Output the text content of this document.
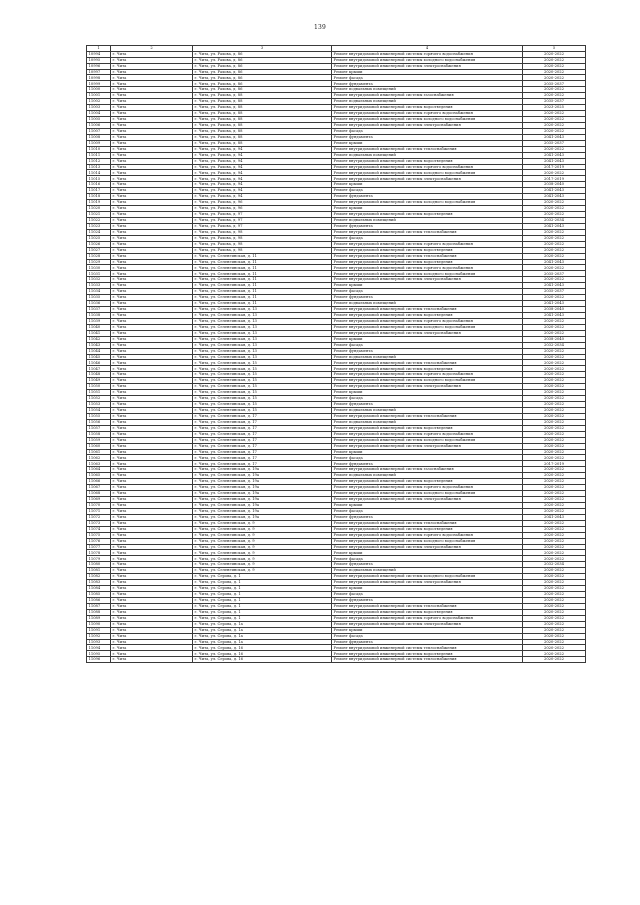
139
1	2	3	4	5
10994	г. Чита	г. Чита, ул. Рахова, д. 86	Ремонт внутридомовой инженерной системы горячего водоснабжения	2020-2022
10995	г. Чита	г. Чита, ул. Рахова, д. 86	Ремонт внутридомовой инженерной системы холодного водоснабжения	2020-2022
10996	г. Чита	г. Чита, ул. Рахова, д. 86	Ремонт внутридомовой инженерной системы электроснабжения	2020-2022
10997	г. Чита	г. Чита, ул. Рахова, д. 86	Ремонт крыши	2020-2022
10998	г. Чита	г. Чита, ул. Рахова, д. 86	Ремонт фасада	2020-2022
10999	г. Чита	г. Чита, ул. Рахова, д. 86	Ремонт фундамента	2035-2037
11000	г. Чита	г. Чита, ул. Рахова, д. 86	Ремонт подвальных помещений	2020-2022
11001	г. Чита	г. Чита, ул. Рахова, д. 88	Ремонт внутридомовой инженерной системы газоснабжения	2020-2022
11002	г. Чита	г. Чита, ул. Рахова, д. 88	Ремонт подвальных помещений	2035-2037
11003	г. Чита	г. Чита, ул. Рахова, д. 88	Ремонт внутридомовой инженерной системы водоотведения	2023-2025
11004	г. Чита	г. Чита, ул. Рахова, д. 88	Ремонт внутридомовой инженерной системы горячего водоснабжения	2020-2022
11005	г. Чита	г. Чита, ул. Рахова, д. 88	Ремонт внутридомовой инженерной системы холодного водоснабжения	2020-2022
11006	г. Чита	г. Чита, ул. Рахова, д. 88	Ремонт внутридомовой инженерной системы электроснабжения	2020-2022
11007	г. Чита	г. Чита, ул. Рахова, д. 88	Ремонт фасада	2020-2022
11008	г. Чита	г. Чита, ул. Рахова, д. 88	Ремонт фундамента	2041-2043
11009	г. Чита	г. Чита, ул. Рахова, д. 88	Ремонт крыши	2035-2037
11010	г. Чита	г. Чита, ул. Рахова, д. 94	Ремонт внутридомовой инженерной системы теплоснабжения	2020-2022
11011	г. Чита	г. Чита, ул. Рахова, д. 94	Ремонт подвальных помещений	2041-2043
11012	г. Чита	г. Чита, ул. Рахова, д. 94	Ремонт внутридомовой инженерной системы водоотведения	2041-2043
11013	г. Чита	г. Чита, ул. Рахова, д. 94	Ремонт внутридомовой инженерной системы горячего водоснабжения	2017-2019
11014	г. Чита	г. Чита, ул. Рахова, д. 94	Ремонт внутридомовой инженерной системы холодного водоснабжения	2020-2022
11015	г. Чита	г. Чита, ул. Рахова, д. 94	Ремонт внутридомовой инженерной системы электроснабжения	2017-2019
11016	г. Чита	г. Чита, ул. Рахова, д. 94	Ремонт крыши	2038-2040
11017	г. Чита	г. Чита, ул. Рахова, д. 94	Ремонт фасада	2041-2043
11018	г. Чита	г. Чита, ул. Рахова, д. 94	Ремонт фундамента	2041-2043
11019	г. Чита	г. Чита, ул. Рахова, д. 96	Ремонт внутридомовой инженерной системы холодного водоснабжения	2020-2022
11020	г. Чита	г. Чита, ул. Рахова, д. 96	Ремонт крыши	2020-2022
11021	г. Чита	г. Чита, ул. Рахова, д. 97	Ремонт внутридомовой инженерной системы водоотведения	2020-2022
11022	г. Чита	г. Чита, ул. Рахова, д. 97	Ремонт подвальных помещений	2032-2034
11023	г. Чита	г. Чита, ул. Рахова, д. 97	Ремонт фундамента	2041-2043
11024	г. Чита	г. Чита, ул. Рахова, д. 98	Ремонт внутридомовой инженерной системы теплоснабжения	2020-2022
11025	г. Чита	г. Чита, ул. Рахова, д. 98	Ремонт фасада	2020-2022
11026	г. Чита	г. Чита, ул. Рахова, д. 98	Ремонт внутридомовой инженерной системы горячего водоснабжения	2020-2022
11027	г. Чита	г. Чита, ул. Рахова, д. 98	Ремонт внутридомовой инженерной системы водоотведения	2020-2022
11028	г. Чита	г. Чита, ул. Селенгинская, д. 11	Ремонт внутридомовой инженерной системы теплоснабжения	2020-2022
11029	г. Чита	г. Чита, ул. Селенгинская, д. 11	Ремонт внутридомовой инженерной системы водоотведения	2041-2043
11030	г. Чита	г. Чита, ул. Селенгинская, д. 11	Ремонт внутридомовой инженерной системы горячего водоснабжения	2020-2022
11031	г. Чита	г. Чита, ул. Селенгинская, д. 11	Ремонт внутридомовой инженерной системы холодного водоснабжения	2035-2037
11032	г. Чита	г. Чита, ул. Селенгинская, д. 11	Ремонт внутридомовой инженерной системы электроснабжения	2020-2022
11033	г. Чита	г. Чита, ул. Селенгинская, д. 11	Ремонт крыши	2041-2043
11034	г. Чита	г. Чита, ул. Селенгинская, д. 11	Ремонт фасада	2035-2037
11035	г. Чита	г. Чита, ул. Селенгинская, д. 11	Ремонт фундамента	2020-2022
11036	г. Чита	г. Чита, ул. Селенгинская, д. 11	Ремонт подвальных помещений	2041-2043
11037	г. Чита	г. Чита, ул. Селенгинская, д. 13	Ремонт внутридомовой инженерной системы теплоснабжения	2038-2040
11038	г. Чита	г. Чита, ул. Селенгинская, д. 13	Ремонт внутридомовой инженерной системы водоотведения	2041-2043
11039	г. Чита	г. Чита, ул. Селенгинская, д. 13	Ремонт внутридомовой инженерной системы горячего водоснабжения	2020-2022
11040	г. Чита	г. Чита, ул. Селенгинская, д. 13	Ремонт внутридомовой инженерной системы холодного водоснабжения	2020-2022
11041	г. Чита	г. Чита, ул. Селенгинская, д. 13	Ремонт внутридомовой инженерной системы электроснабжения	2020-2022
11042	г. Чита	г. Чита, ул. Селенгинская, д. 13	Ремонт крыши	2038-2040
11043	г. Чита	г. Чита, ул. Селенгинская, д. 13	Ремонт фасада	2032-2034
11044	г. Чита	г. Чита, ул. Селенгинская, д. 13	Ремонт фундамента	2020-2022
11045	г. Чита	г. Чита, ул. Селенгинская, д. 13	Ремонт подвальных помещений	2020-2022
11046	г. Чита	г. Чита, ул. Селенгинская, д. 15	Ремонт внутридомовой инженерной системы теплоснабжения	2020-2022
11047	г. Чита	г. Чита, ул. Селенгинская, д. 15	Ремонт внутридомовой инженерной системы водоотведения	2020-2022
11048	г. Чита	г. Чита, ул. Селенгинская, д. 15	Ремонт внутридомовой инженерной системы горячего водоснабжения	2020-2022
11049	г. Чита	г. Чита, ул. Селенгинская, д. 15	Ремонт внутридомовой инженерной системы холодного водоснабжения	2020-2022
11050	г. Чита	г. Чита, ул. Селенгинская, д. 15	Ремонт внутридомовой инженерной системы электроснабжения	2020-2022
11051	г. Чита	г. Чита, ул. Селенгинская, д. 15	Ремонт крыши	2020-2022
11052	г. Чита	г. Чита, ул. Селенгинская, д. 15	Ремонт фасада	2020-2022
11053	г. Чита	г. Чита, ул. Селенгинская, д. 15	Ремонт фундамента	2020-2022
11054	г. Чита	г. Чита, ул. Селенгинская, д. 15	Ремонт подвальных помещений	2020-2022
11055	г. Чита	г. Чита, ул. Селенгинская, д. 17	Ремонт внутридомовой инженерной системы теплоснабжения	2020-2022
11056	г. Чита	г. Чита, ул. Селенгинская, д. 17	Ремонт подвальных помещений	2020-2022
11057	г. Чита	г. Чита, ул. Селенгинская, д. 17	Ремонт внутридомовой инженерной системы водоотведения	2020-2022
11058	г. Чита	г. Чита, ул. Селенгинская, д. 17	Ремонт внутридомовой инженерной системы горячего водоснабжения	2020-2022
11059	г. Чита	г. Чита, ул. Селенгинская, д. 17	Ремонт внутридомовой инженерной системы холодного водоснабжения	2020-2022
11060	г. Чита	г. Чита, ул. Селенгинская, д. 17	Ремонт внутридомовой инженерной системы электроснабжения	2020-2022
11061	г. Чита	г. Чита, ул. Селенгинская, д. 17	Ремонт крыши	2020-2022
11062	г. Чита	г. Чита, ул. Селенгинская, д. 17	Ремонт фасада	2020-2022
11063	г. Чита	г. Чита, ул. Селенгинская, д. 17	Ремонт фундамента	2017-2019
11064	г. Чита	г. Чита, ул. Селенгинская, д. 19а	Ремонт внутридомовой инженерной системы газоснабжения	2020-2022
11065	г. Чита	г. Чита, ул. Селенгинская, д. 19а	Ремонт подвальных помещений	2020-2022
11066	г. Чита	г. Чита, ул. Селенгинская, д. 19а	Ремонт внутридомовой инженерной системы водоотведения	2020-2022
11067	г. Чита	г. Чита, ул. Селенгинская, д. 19а	Ремонт внутридомовой инженерной системы горячего водоснабжения	2020-2022
11068	г. Чита	г. Чита, ул. Селенгинская, д. 19а	Ремонт внутридомовой инженерной системы холодного водоснабжения	2020-2022
11069	г. Чита	г. Чита, ул. Селенгинская, д. 19а	Ремонт внутридомовой инженерной системы электроснабжения	2020-2022
11070	г. Чита	г. Чита, ул. Селенгинская, д. 19а	Ремонт крыши	2020-2022
11071	г. Чита	г. Чита, ул. Селенгинская, д. 19а	Ремонт фасада	2020-2022
11072	г. Чита	г. Чита, ул. Селенгинская, д. 19а	Ремонт фундамента	2041-2043
11073	г. Чита	г. Чита, ул. Селенгинская, д. 9	Ремонт внутридомовой инженерной системы теплоснабжения	2020-2022
11074	г. Чита	г. Чита, ул. Селенгинская, д. 9	Ремонт внутридомовой инженерной системы водоотведения	2020-2022
11075	г. Чита	г. Чита, ул. Селенгинская, д. 9	Ремонт внутридомовой инженерной системы горячего водоснабжения	2020-2022
11076	г. Чита	г. Чита, ул. Селенгинская, д. 9	Ремонт внутридомовой инженерной системы холодного водоснабжения	2020-2022
11077	г. Чита	г. Чита, ул. Селенгинская, д. 9	Ремонт внутридомовой инженерной системы электроснабжения	2020-2022
11078	г. Чита	г. Чита, ул. Селенгинская, д. 9	Ремонт крыши	2020-2022
11079	г. Чита	г. Чита, ул. Селенгинская, д. 9	Ремонт фасада	2020-2022
11080	г. Чита	г. Чита, ул. Селенгинская, д. 9	Ремонт фундамента	2032-2034
11081	г. Чита	г. Чита, ул. Селенгинская, д. 9	Ремонт подвальных помещений	2020-2022
11082	г. Чита	г. Чита, ул. Серова, д. 1	Ремонт внутридомовой инженерной системы холодного водоснабжения	2020-2022
11083	г. Чита	г. Чита, ул. Серова, д. 1	Ремонт внутридомовой инженерной системы электроснабжения	2020-2022
11084	г. Чита	г. Чита, ул. Серова, д. 1	Ремонт крыши	2020-2022
11085	г. Чита	г. Чита, ул. Серова, д. 1	Ремонт фасада	2020-2022
11086	г. Чита	г. Чита, ул. Серова, д. 1	Ремонт фундамента	2020-2022
11087	г. Чита	г. Чита, ул. Серова, д. 1	Ремонт внутридомовой инженерной системы теплоснабжения	2020-2022
11088	г. Чита	г. Чита, ул. Серова, д. 1	Ремонт внутридомовой инженерной системы водоотведения	2020-2022
11089	г. Чита	г. Чита, ул. Серова, д. 1	Ремонт внутридомовой инженерной системы горячего водоснабжения	2020-2022
11090	г. Чита	г. Чита, ул. Серова, д. 1а	Ремонт внутридомовой инженерной системы электроснабжения	2020-2022
11091	г. Чита	г. Чита, ул. Серова, д. 1а	Ремонт крыши	2020-2022
11092	г. Чита	г. Чита, ул. Серова, д. 1а	Ремонт фасада	2020-2022
11093	г. Чита	г. Чита, ул. Серова, д. 1а	Ремонт фундамента	2020-2022
11094	г. Чита	г. Чита, ул. Серова, д. 16	Ремонт внутридомовой инженерной системы теплоснабжения	2020-2022
11095	г. Чита	г. Чита, ул. Серова, д. 16	Ремонт внутридомовой инженерной системы водоотведения	2020-2022
11096	г. Чита	г. Чита, ул. Серова, д. 16	Ремонт внутридомовой инженерной системы теплоснабжения	2020-2022
